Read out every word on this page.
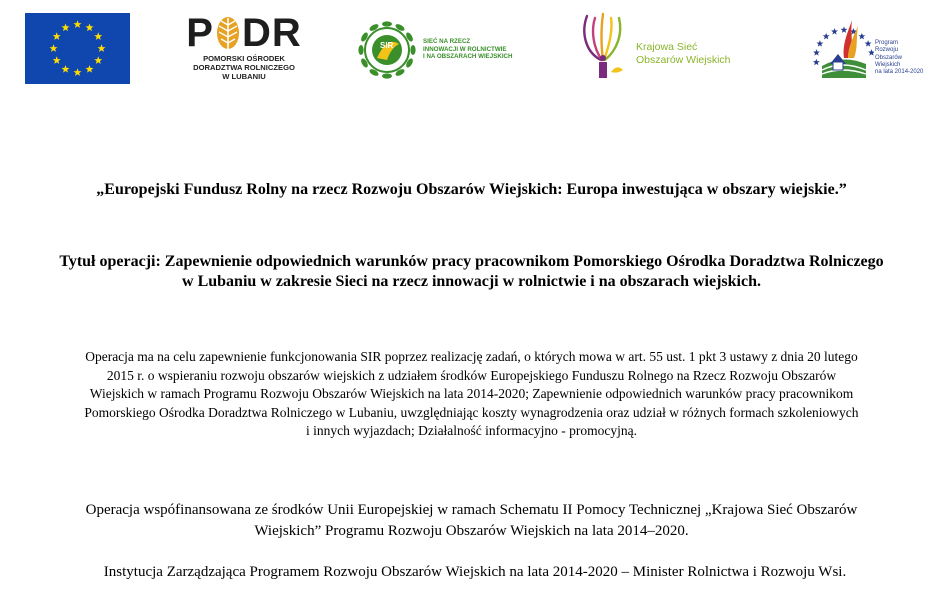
P DR
POMORSKI OŚRODEK
DORADZTWA ROLNICZEGO
W LUBANIU
SIR	SIEĆ NA RZECZ
INNOWACJI W ROLNICTWIE
I NA OBSZARACH WIEJSKICH
Krajowa Sieć
Obszarów Wiejskich
Program
Rozwoju
Obszarów
Wiejskich
na lata 2014-2020
„Europejski Fundusz Rolny na rzecz Rozwoju Obszarów Wiejskich: Europa inwestująca w obszary wiejskie.”
Tytuł operacji: Zapewnienie odpowiednich warunków pracy pracownikom Pomorskiego Ośrodka Doradztwa Rolniczego
w Lubaniu w zakresie Sieci na rzecz innowacji w rolnictwie i na obszarach wiejskich.
Operacja ma na celu zapewnienie funkcjonowania SIR poprzez realizację zadań, o których mowa w art. 55 ust. 1 pkt 3 ustawy z dnia 20 lutego
2015 r. o wspieraniu rozwoju obszarów wiejskich z udziałem środków Europejskiego Funduszu Rolnego na Rzecz Rozwoju Obszarów
Wiejskich w ramach Programu Rozwoju Obszarów Wiejskich na lata 2014-2020; Zapewnienie odpowiednich warunków pracy pracownikom
Pomorskiego Ośrodka Doradztwa Rolniczego w Lubaniu, uwzględniając koszty wynagrodzenia oraz udział w różnych formach szkoleniowych
i innych wyjazdach; Działalność informacyjno - promocyjną.
Operacja wspófinansowana ze środków Unii Europejskiej w ramach Schematu II Pomocy Technicznej „Krajowa Sieć Obszarów
Wiejskich” Programu Rozwoju Obszarów Wiejskich na lata 2014–2020.
Instytucja Zarządzająca Programem Rozwoju Obszarów Wiejskich na lata 2014-2020 – Minister Rolnictwa i Rozwoju Wsi.
